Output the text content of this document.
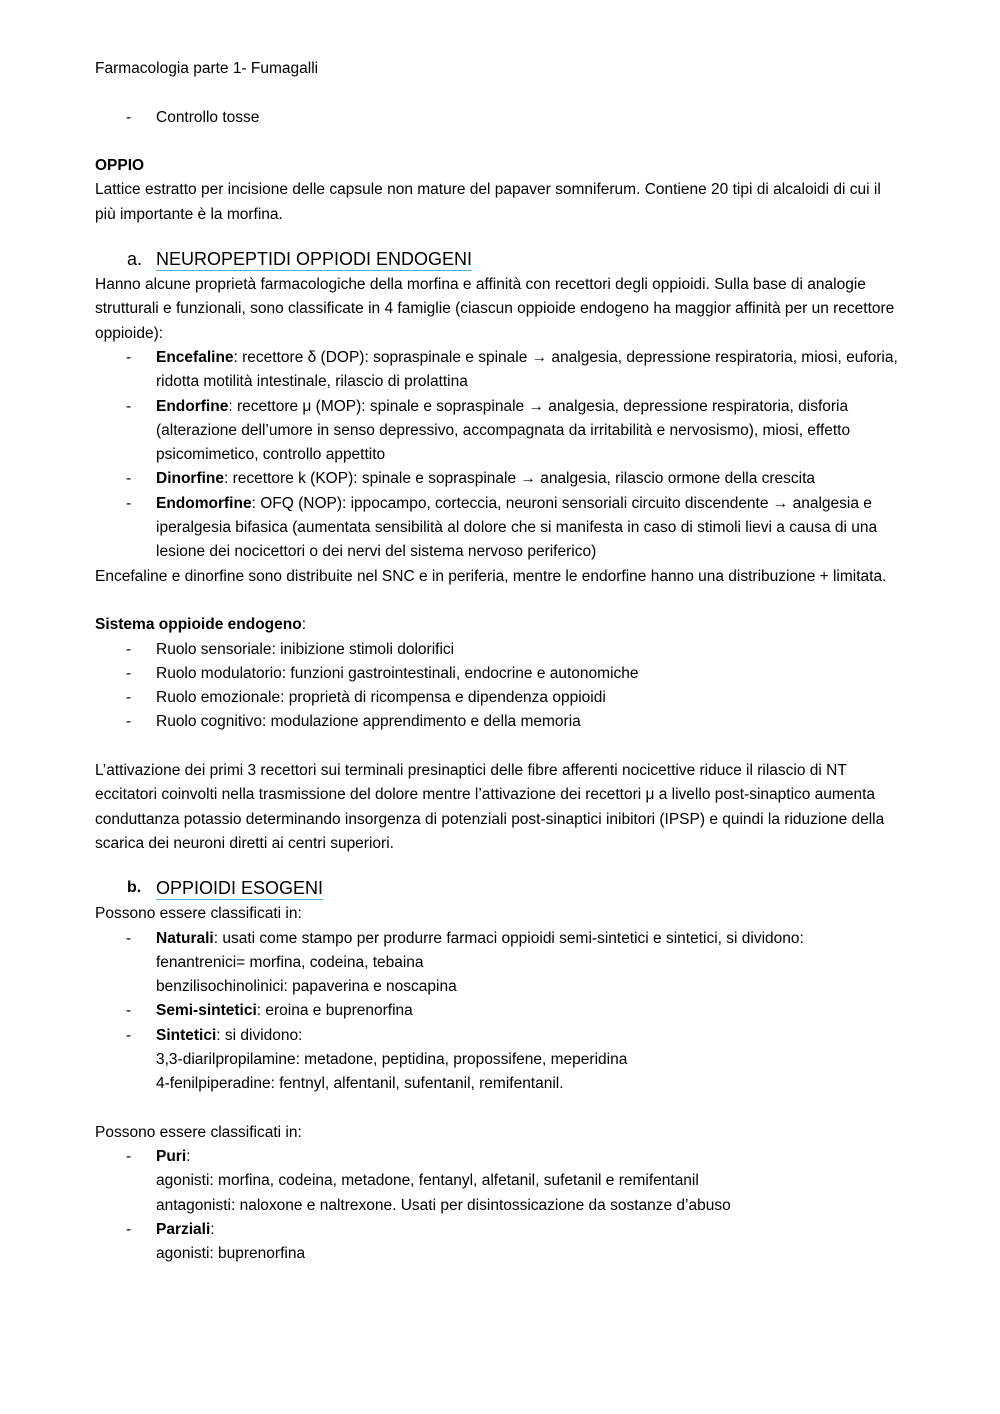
Farmacologia parte 1- Fumagalli

- Controllo tosse

OPPIO

Lattice estratto per incisione delle capsule non mature del papaver somniferum. Contiene 20 tipi di alcaloidi di cui il più importante è la morfina.

a. NEUROPEPTIDI OPPIODI ENDOGENI

Hanno alcune proprietà farmacologiche della morfina e affinità con recettori degli oppioidi. Sulla base di analogie strutturali e funzionali, sono classificate in 4 famiglie (ciascun oppioide endogeno ha maggior affinità per un recettore oppioide):

- Encefaline: recettore δ (DOP): sopraspinale e spinale → analgesia, depressione respiratoria, miosi, euforia, ridotta motilità intestinale, rilascio di prolattina
- Endorfine: recettore μ (MOP): spinale e sopraspinale → analgesia, depressione respiratoria, disforia (alterazione dell’umore in senso depressivo, accompagnata da irritabilità e nervosismo), miosi, effetto psicomimetico, controllo appettito
- Dinorfine: recettore k (KOP): spinale e sopraspinale → analgesia, rilascio ormone della crescita
- Endomorfine: OFQ (NOP): ippocampo, corteccia, neuroni sensoriali circuito discendente → analgesia e iperalgesia bifasica (aumentata sensibilità al dolore che si manifesta in caso di stimoli lievi a causa di una lesione dei nocicettori o dei nervi del sistema nervoso periferico)

Encefaline e dinorfine sono distribuite nel SNC e in periferia, mentre le endorfine hanno una distribuzione + limitata.

Sistema oppioide endogeno:

- Ruolo sensoriale: inibizione stimoli dolorifici
- Ruolo modulatorio: funzioni gastrointestinali, endocrine e autonomiche
- Ruolo emozionale: proprietà di ricompensa e dipendenza oppioidi
- Ruolo cognitivo: modulazione apprendimento e della memoria

L’attivazione dei primi 3 recettori sui terminali presinaptici delle fibre afferenti nocicettive riduce il rilascio di NT eccitatori coinvolti nella trasmissione del dolore mentre l’attivazione dei recettori μ a livello post-sinaptico aumenta conduttanza potassio determinando insorgenza di potenziali post-sinaptici inibitori (IPSP) e quindi la riduzione della scarica dei neuroni diretti ai centri superiori.

b. OPPIOIDI ESOGENI

Possono essere classificati in:

- Naturali: usati come stampo per produrre farmaci oppioidi semi-sintetici e sintetici, si dividono:
fenantrenici= morfina, codeina, tebaina
benzilisochinolinici: papaverina e noscapina
- Semi-sintetici: eroina e buprenorfina
- Sintetici: si dividono:
3,3-diarilpropilamine: metadone, peptidina, propossifene, meperidina
4-fenilpiperadine: fentnyl, alfentanil, sufentanil, remifentanil.

Possono essere classificati in:

- Puri:
agonisti: morfina, codeina, metadone, fentanyl, alfetanil, sufetanil e remifentanil
antagonisti: naloxone e naltrexone. Usati per disintossicazione da sostanze d’abuso
- Parziali:
agonisti: buprenorfina
